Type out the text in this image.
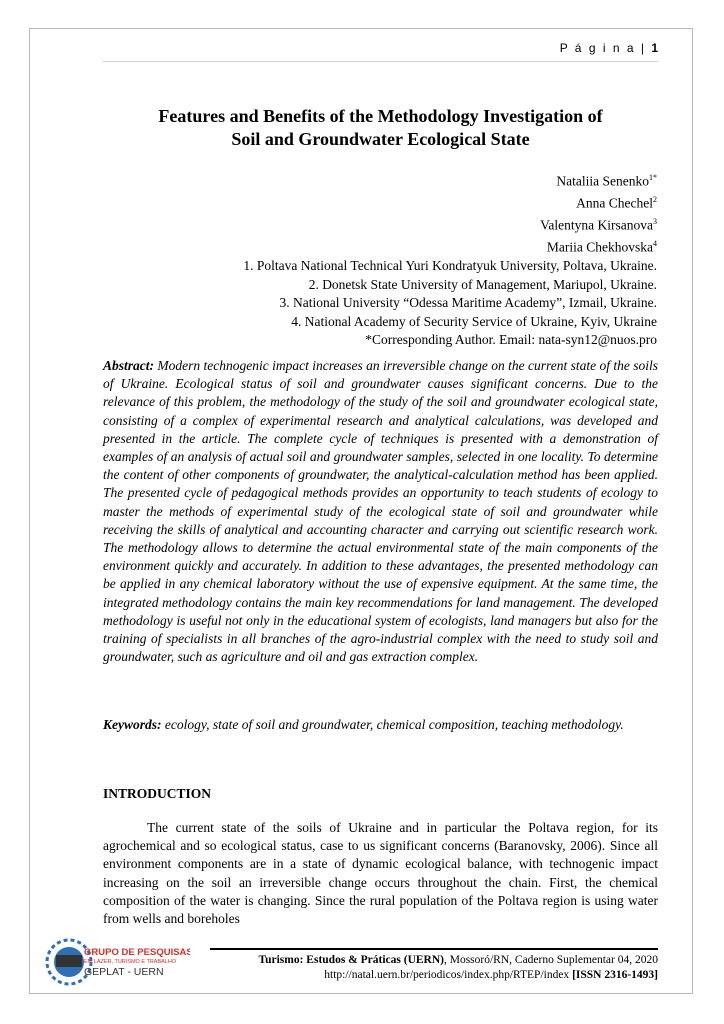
P á g i n a | 1
Features and Benefits of the Methodology Investigation of
Soil and Groundwater Ecological State
Nataliia Senenko$^{1*}$
Anna Chechel$^2$
Valentyna Kirsanova$^3$
Mariia Chekhovska$^4$
1. Poltava National Technical Yuri Kondratyuk University, Poltava, Ukraine.
2. Donetsk State University of Management, Mariupol, Ukraine.
3. National University “Odessa Maritime Academy”, Izmail, Ukraine.
4. National Academy of Security Service of Ukraine, Kyiv, Ukraine
*Corresponding Author. Email: nata-syn12@nuos.pro
Abstract: Modern technogenic impact increases an irreversible change on the current state of the soils of Ukraine. Ecological status of soil and groundwater causes significant concerns. Due to the relevance of this problem, the methodology of the study of the soil and groundwater ecological state, consisting of a complex of experimental research and analytical calculations, was developed and presented in the article. The complete cycle of techniques is presented with a demonstration of examples of an analysis of actual soil and groundwater samples, selected in one locality. To determine the content of other components of groundwater, the analytical-calculation method has been applied. The presented cycle of pedagogical methods provides an opportunity to teach students of ecology to master the methods of experimental study of the ecological state of soil and groundwater while receiving the skills of analytical and accounting character and carrying out scientific research work. The methodology allows to determine the actual environmental state of the main components of the environment quickly and accurately. In addition to these advantages, the presented methodology can be applied in any chemical laboratory without the use of expensive equipment. At the same time, the integrated methodology contains the main key recommendations for land management. The developed methodology is useful not only in the educational system of ecologists, land managers but also for the training of specialists in all branches of the agro-industrial complex with the need to study soil and groundwater, such as agriculture and oil and gas extraction complex.
Keywords: ecology, state of soil and groundwater, chemical composition, teaching methodology.
INTRODUCTION
The current state of the soils of Ukraine and in particular the Poltava region, for its agrochemical and so ecological status, case to us significant concerns (Baranovsky, 2006). Since all environment components are in a state of dynamic ecological balance, with technogenic impact increasing on the soil an irreversible change occurs throughout the chain. First, the chemical composition of the water is changing. Since the rural population of the Poltava region is using water from wells and boreholes
GRUPO DE PESQUISAS
EM LAZER, TURISMO E TRABALHO
GEPLAT - UERN
Turismo: Estudos & Práticas (UERN), Mossoró/RN, Caderno Suplementar 04, 2020
http://natal.uern.br/periodicos/index.php/RTEP/index [ISSN 2316-1493]
